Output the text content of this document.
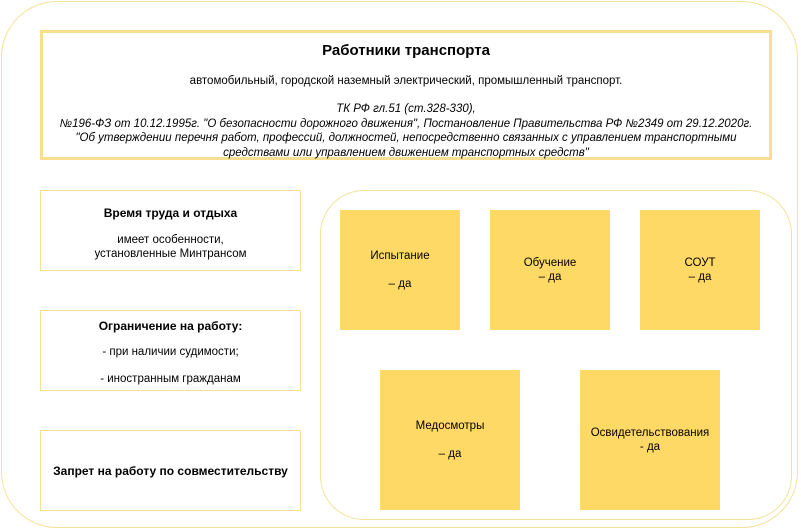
Работники транспорта
автомобильный, городской наземный электрический, промышленный транспорт.
ТК РФ гл.51 (ст.328-330),
№196-ФЗ от 10.12.1995г. "О безопасности дорожного движения", Постановление Правительства РФ №2349 от 29.12.2020г.
"Об утверждении перечня работ, профессий, должностей, непосредственно связанных с управлением транспортными
средствами или управлением движением транспортных средств"
Время труда и отдыха
имеет особенности,
установленные Минтрансом
Ограничение на работу:
- при наличии судимости;
- иностранным гражданам
Запрет на работу по совместительству
Испытание
– да
Обучение
– да
СОУТ
– да
Медосмотры
– да
Освидетельствования
- да
